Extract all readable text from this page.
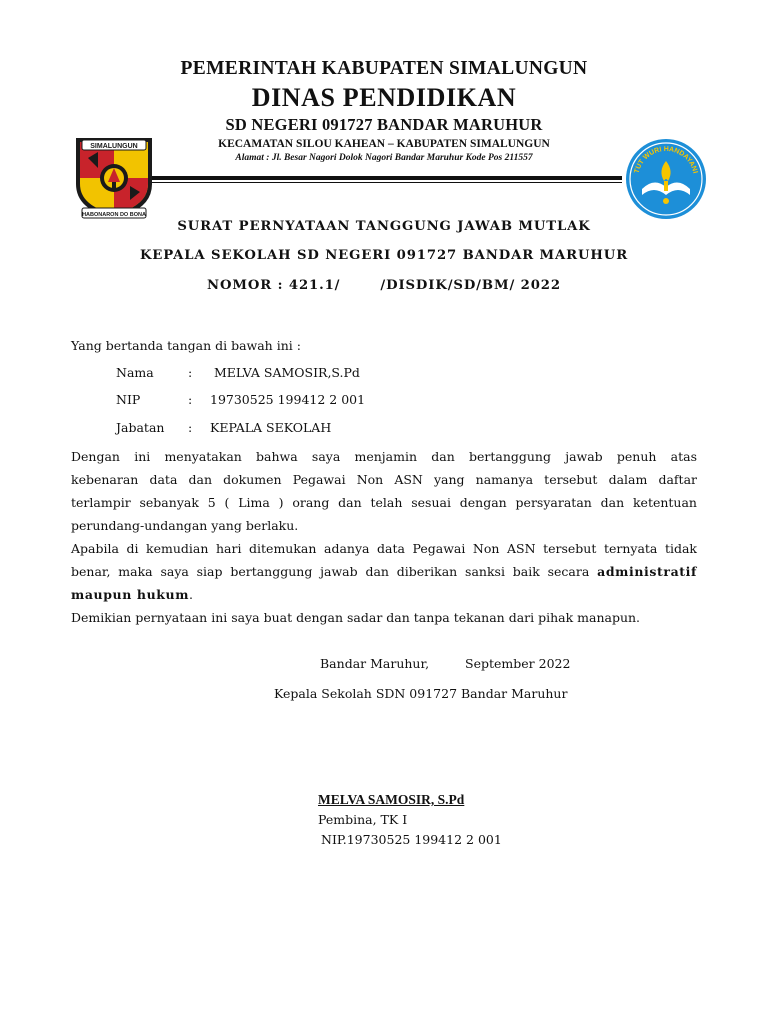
PEMERINTAH KABUPATEN SIMALUNGUN
DINAS PENDIDIKAN
SD NEGERI 091727 BANDAR MARUHUR
KECAMATAN SILOU KAHEAN – KABUPATEN SIMALUNGUN
Alamat : Jl. Besar Nagori Dolok Nagori Bandar Maruhur Kode Pos 211557
SIMALUNGUN
HABONARON DO BONA
TUT WURI HANDAYANI
SURAT PERNYATAAN TANGGUNG JAWAB MUTLAK
KEPALA SEKOLAH SD NEGERI 091727 BANDAR MARUHUR
NOMOR : 421.1/	/DISDIK/SD/BM/ 2022
Yang bertanda tangan di bawah ini :
Nama	: MELVA SAMOSIR,S.Pd
NIP	: 19730525 199412 2 001
Jabatan : KEPALA SEKOLAH
Dengan ini menyatakan bahwa saya menjamin dan bertanggung jawab penuh atas
kebenaran data dan dokumen Pegawai Non ASN yang namanya tersebut dalam daftar
terlampir sebanyak 5 ( Lima ) orang dan telah sesuai dengan persyaratan dan ketentuan
perundang-undangan yang berlaku.
Apabila di kemudian hari ditemukan adanya data Pegawai Non ASN tersebut ternyata tidak
benar, maka saya siap bertanggung jawab dan diberikan sanksi baik secara administratif
maupun hukum.
Demikian pernyataan ini saya buat dengan sadar dan tanpa tekanan dari pihak manapun.
Bandar Maruhur,	September 2022
Kepala Sekolah SDN 091727 Bandar Maruhur
MELVA SAMOSIR, S.Pd
Pembina, TK I
NIP.19730525 199412 2 001
